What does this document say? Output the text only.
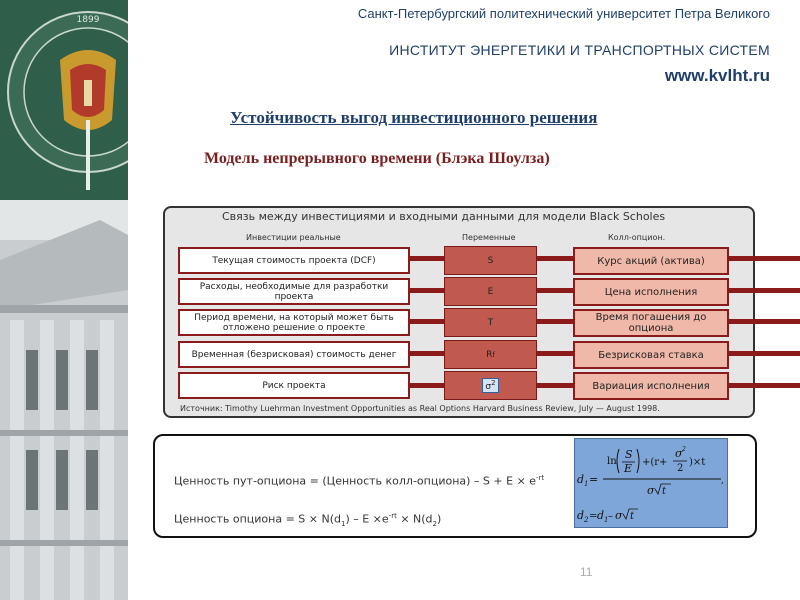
1899	Санкт-Петербургский политехнический университет Петра Великого
ИНСТИТУТ ЭНЕРГЕТИКИ И ТРАНСПОРТНЫХ СИСТЕМ
www.kvlht.ru
Устойчивость выгод инвестиционного решения
Модель непрерывного времени (Блэка Шоулза)
Связь между инвестициями и входными данными для модели Black Scholes
Инвестиции реальные	Переменные	Колл-опцион.
Текущая стоимость проекта (DCF)	S	Курс акций (актива)
Расходы, необходимые для разработки проекта	E	Цена исполнения
Период времени, на который может быть отложено решение о проекте	T	Время погашения до опциона
Временная (безрисковая) стоимость денег	R f	Безрисковая ставка
Риск проекта	$\sigma^2$	Вариация исполнения
Источник: Timothy Luehrman Investment Opportunities as Real Options Harvard Business Review, July — August 1998.
Ценность пут-опциона = (Ценность колл-опциона) – $S + E \times e^{-rt}$
Ценность опциона = $S \times N(d_1) - E \times e^{-rt} \times N(d_2)$
d 1 =
ln
S
E +(r+
σ 2
2
)×t
σ t
,
d 2 = d 1 – σ t
11
